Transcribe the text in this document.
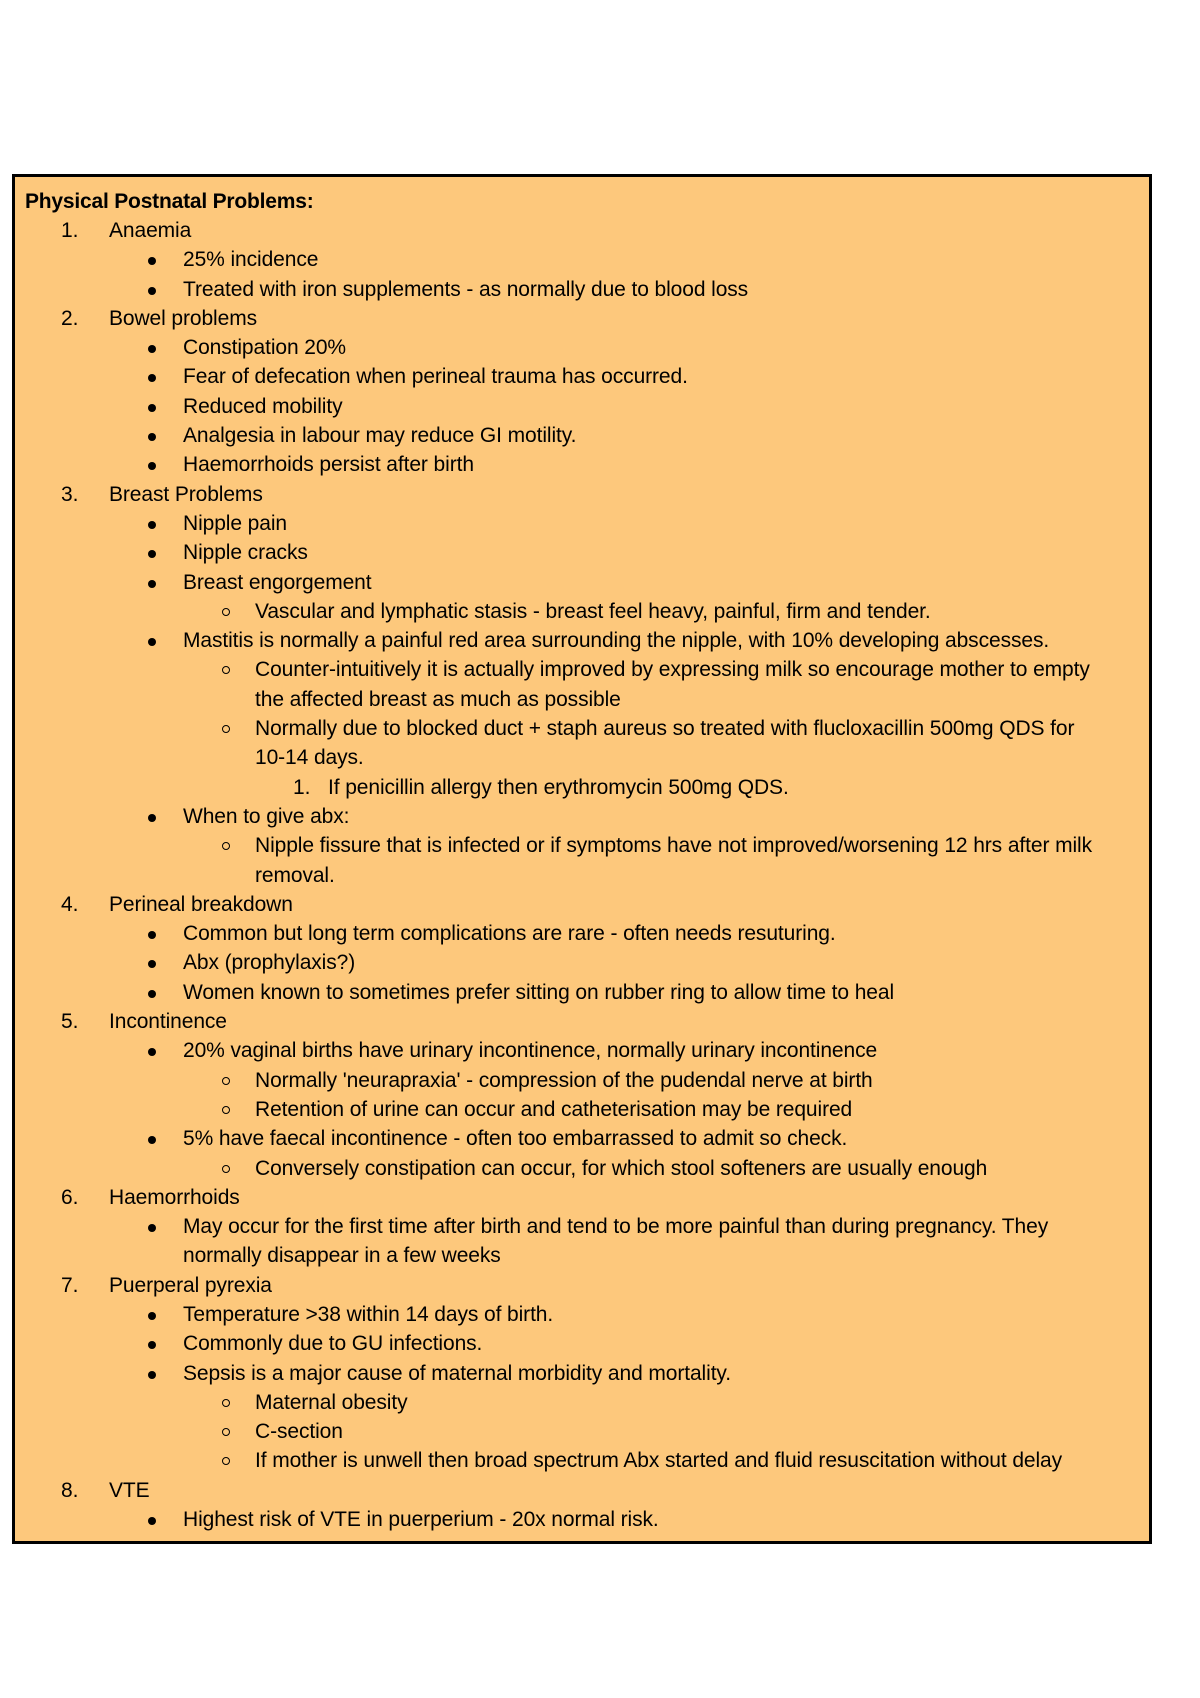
Physical Postnatal Problems:

1.	Anaemia
25% incidence
Treated with iron supplements - as normally due to blood loss
2.	Bowel problems
Constipation 20%
Fear of defecation when perineal trauma has occurred.
Reduced mobility
Analgesia in labour may reduce GI motility.
Haemorrhoids persist after birth
3.	Breast Problems
Nipple pain
Nipple cracks
Breast engorgement
Vascular and lymphatic stasis - breast feel heavy, painful, firm and tender.
Mastitis is normally a painful red area surrounding the nipple, with 10% developing abscesses.
Counter-intuitively it is actually improved by expressing milk so encourage mother to empty
the affected breast as much as possible
Normally due to blocked duct + staph aureus so treated with flucloxacillin 500mg QDS for
10-14 days.
1. If penicillin allergy then erythromycin 500mg QDS.
When to give abx:
Nipple fissure that is infected or if symptoms have not improved/worsening 12 hrs after milk
removal.
4.	Perineal breakdown
Common but long term complications are rare - often needs resuturing.
Abx (prophylaxis?)
Women known to sometimes prefer sitting on rubber ring to allow time to heal
5.	Incontinence
20% vaginal births have urinary incontinence, normally urinary incontinence
Normally 'neurapraxia' - compression of the pudendal nerve at birth
Retention of urine can occur and catheterisation may be required
5% have faecal incontinence - often too embarrassed to admit so check.
Conversely constipation can occur, for which stool softeners are usually enough
6.	Haemorrhoids
May occur for the first time after birth and tend to be more painful than during pregnancy. They
normally disappear in a few weeks
7.	Puerperal pyrexia
Temperature >38 within 14 days of birth.
Commonly due to GU infections.
Sepsis is a major cause of maternal morbidity and mortality.
Maternal obesity
C-section
If mother is unwell then broad spectrum Abx started and fluid resuscitation without delay
8.	VTE
Highest risk of VTE in puerperium - 20x normal risk.
